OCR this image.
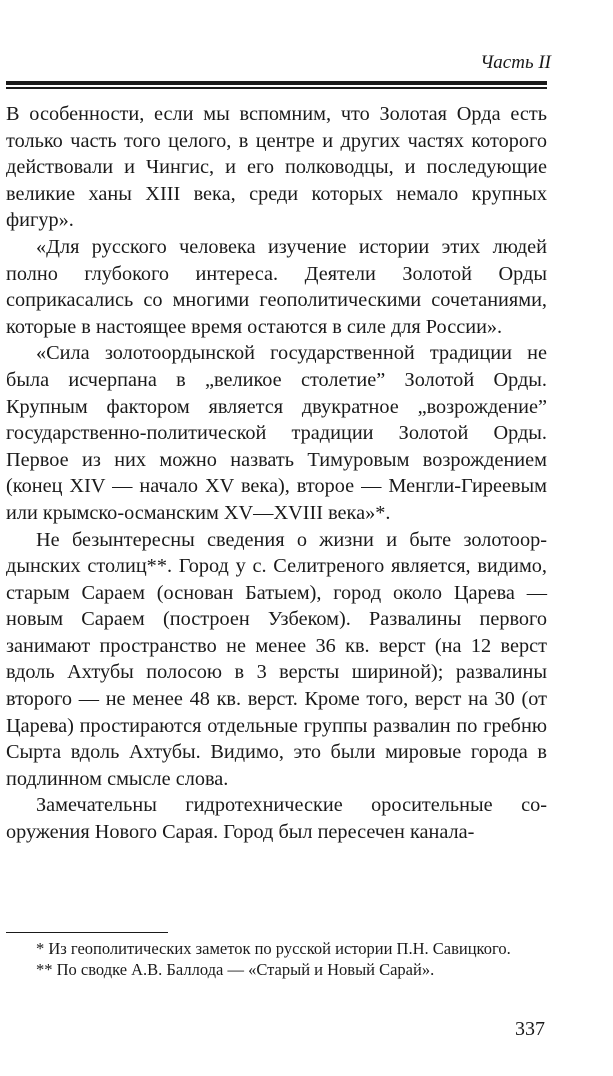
Часть II

В особенности, если мы вспомним, что Золотая Орда есть только часть того целого, в центре и других частях которого действовали и Чингис, и его полководцы, и последующие великие ханы XIII века, среди которых немало крупных фигур».

«Для русского человека изучение истории этих людей полно глубокого интереса. Деятели Золотой Орды соприкасались со многими геополитическими сочетаниями, которые в настоящее время остаются в силе для России».

«Сила золотоордынской государственной традиции не была исчерпана в „великое столетие” Золотой Орды. Крупным фактором является двукратное „возрождение” государственно-политической традиции Золотой Орды. Первое из них можно назвать Тимуровым возрождением (конец XIV — начало XV века), второе — Менгли-Гиреевым или крымско-османским XV—XVIII века»*.

Не безынтересны сведения о жизни и быте золотоордынских столиц**. Город у с. Селитреного является, видимо, старым Сараем (основан Батыем), город около Царева — новым Сараем (построен Узбеком). Развалины первого занимают пространство не менее 36 кв. верст (на 12 верст вдоль Ахтубы полосою в 3 версты шириной); развалины второго — не менее 48 кв. верст. Кроме того, верст на 30 (от Царева) простираются отдельные группы развалин по гребню Сырта вдоль Ахтубы. Видимо, это были мировые города в подлинном смысле слова.

Замечательны гидротехнические оросительные сооружения Нового Сарая. Город был пересечен канала-

* Из геополитических заметок по русской истории П.Н. Савицкого.

** По сводке А.В. Баллода — «Старый и Новый Сарай».

337
